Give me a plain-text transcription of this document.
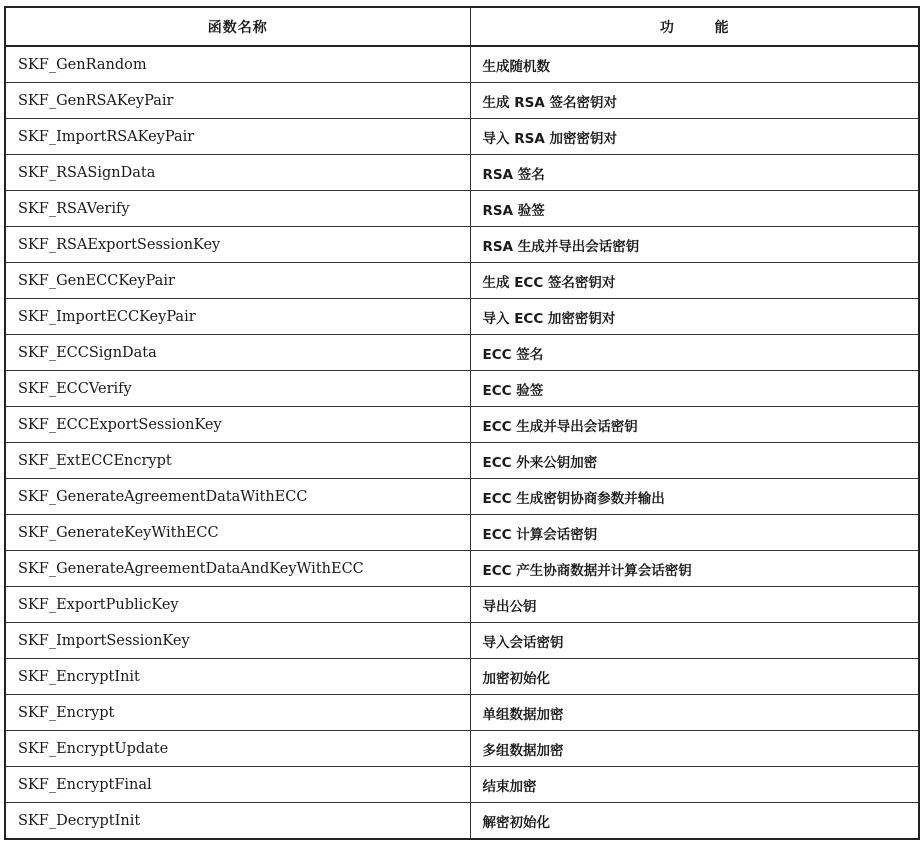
函数名称	功 能
SKF_GenRandom	生成随机数
SKF_GenRSAKeyPair	生成 RSA 签名密钥对
SKF_ImportRSAKeyPair	导入 RSA 加密密钥对
SKF_RSASignData	RSA 签名
SKF_RSAVerify	RSA 验签
SKF_RSAExportSessionKey	RSA 生成并导出会话密钥
SKF_GenECCKeyPair	生成 ECC 签名密钥对
SKF_ImportECCKeyPair	导入 ECC 加密密钥对
SKF_ECCSignData	ECC 签名
SKF_ECCVerify	ECC 验签
SKF_ECCExportSessionKey	ECC 生成并导出会话密钥
SKF_ExtECCEncrypt	ECC 外来公钥加密
SKF_GenerateAgreementDataWithECC	ECC 生成密钥协商参数并输出
SKF_GenerateKeyWithECC	ECC 计算会话密钥
SKF_GenerateAgreementDataAndKeyWithECC	ECC 产生协商数据并计算会话密钥
SKF_ExportPublicKey	导出公钥
SKF_ImportSessionKey	导入会话密钥
SKF_EncryptInit	加密初始化
SKF_Encrypt	单组数据加密
SKF_EncryptUpdate	多组数据加密
SKF_EncryptFinal	结束加密
SKF_DecryptInit	解密初始化
